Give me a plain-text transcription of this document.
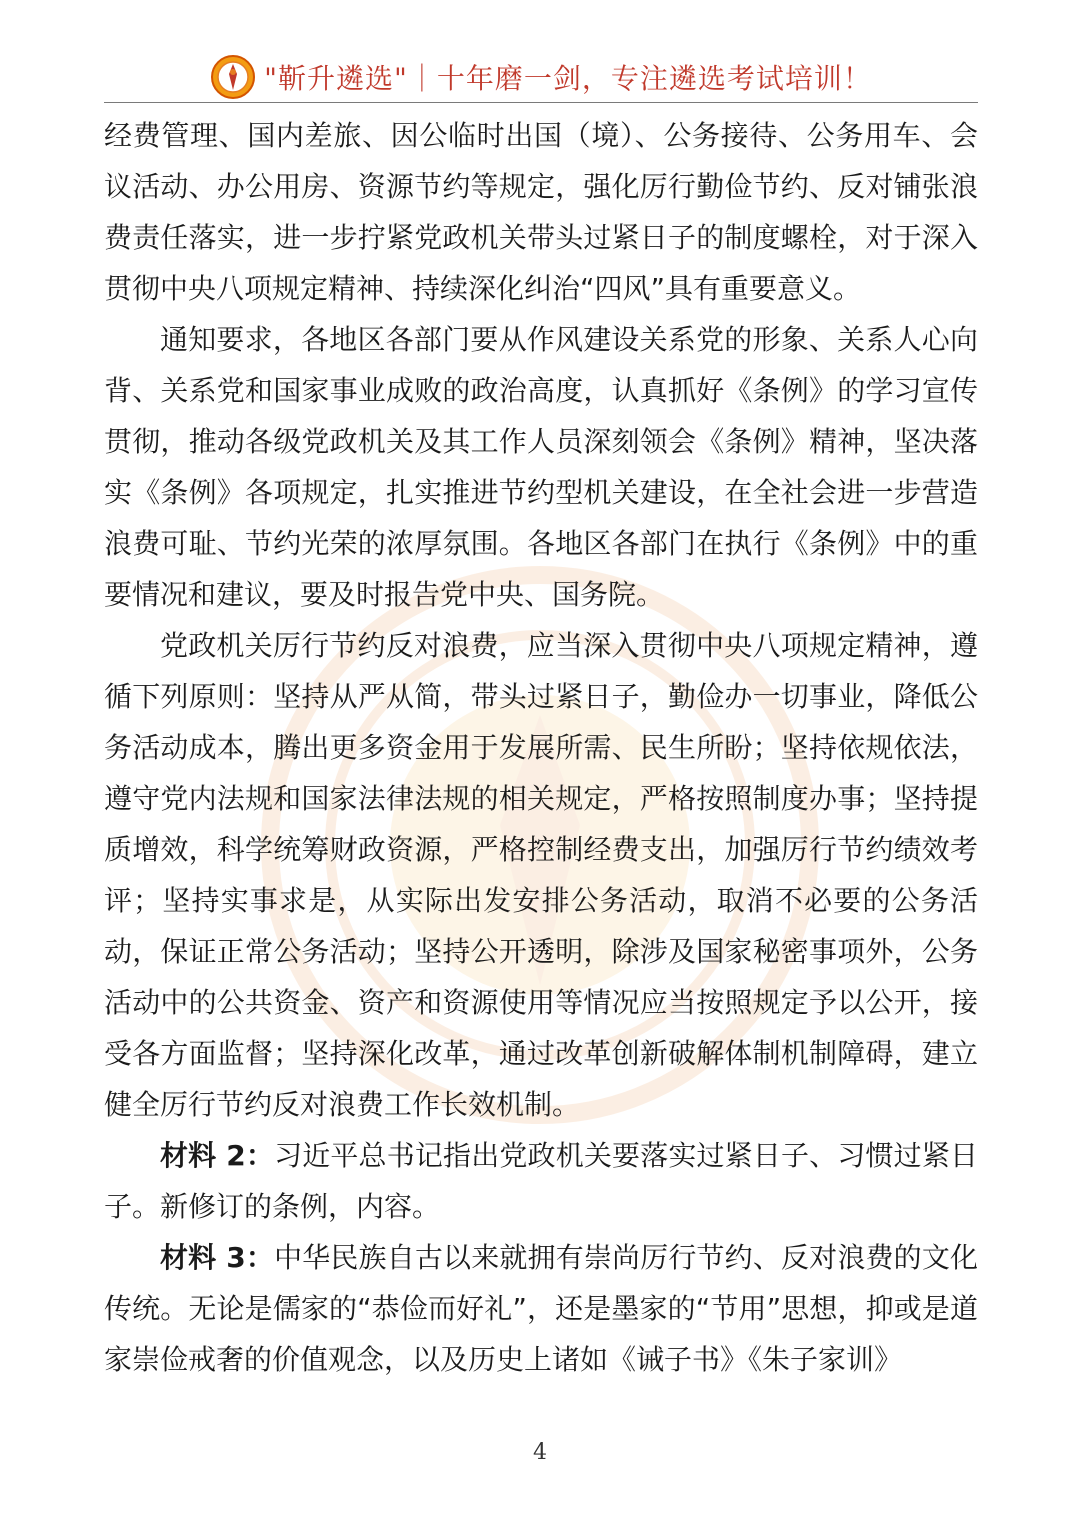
"靳升遴选"｜十年磨一剑，专注遴选考试培训！

经费管理、国内差旅、因公临时出国（境）、公务接待、公务用车、会议活动、办公用房、资源节约等规定，强化厉行勤俭节约、反对铺张浪费责任落实，进一步拧紧党政机关带头过紧日子的制度螺栓，对于深入贯彻中央八项规定精神、持续深化纠治“四风”具有重要意义。

通知要求，各地区各部门要从作风建设关系党的形象、关系人心向背、关系党和国家事业成败的政治高度，认真抓好《条例》的学习宣传贯彻，推动各级党政机关及其工作人员深刻领会《条例》精神，坚决落实《条例》各项规定，扎实推进节约型机关建设，在全社会进一步营造浪费可耻、节约光荣的浓厚氛围。各地区各部门在执行《条例》中的重要情况和建议，要及时报告党中央、国务院。

党政机关厉行节约反对浪费，应当深入贯彻中央八项规定精神，遵循下列原则：坚持从严从简，带头过紧日子，勤俭办一切事业，降低公务活动成本，腾出更多资金用于发展所需、民生所盼；坚持依规依法，遵守党内法规和国家法律法规的相关规定，严格按照制度办事；坚持提质增效，科学统筹财政资源，严格控制经费支出，加强厉行节约绩效考评；坚持实事求是，从实际出发安排公务活动，取消不必要的公务活动，保证正常公务活动；坚持公开透明，除涉及国家秘密事项外，公务活动中的公共资金、资产和资源使用等情况应当按照规定予以公开，接受各方面监督；坚持深化改革，通过改革创新破解体制机制障碍，建立健全厉行节约反对浪费工作长效机制。

材料 2：习近平总书记指出党政机关要落实过紧日子、习惯过紧日子。新修订的条例，内容。

材料 3：中华民族自古以来就拥有崇尚厉行节约、反对浪费的文化传统。无论是儒家的“恭俭而好礼”，还是墨家的“节用”思想，抑或是道家崇俭戒奢的价值观念，以及历史上诸如《诫子书》《朱子家训》

4
